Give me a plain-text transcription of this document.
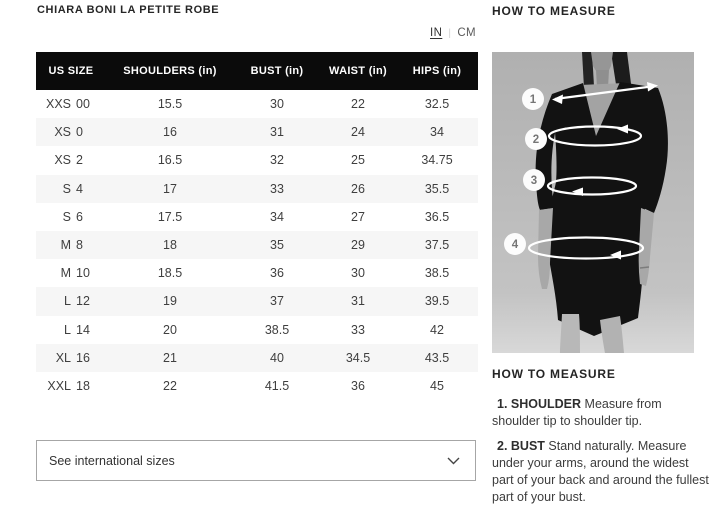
CHIARA BONI LA PETITE ROBE
IN | CM
US SIZE	SHOULDERS (in)	BUST (in)	WAIST (in)	HIPS (in)
XXS 00	15.5	30	22	32.5
XS 0	16	31	24	34
XS 2	16.5	32	25	34.75
S 4	17	33	26	35.5
S 6	17.5	34	27	36.5
M 8	18	35	29	37.5
M 10	18.5	36	30	38.5
L 12	19	37	31	39.5
L 14	20	38.5	33	42
XL 16	21	40	34.5	43.5
XXL 18	22	41.5	36	45
See international sizes
HOW TO MEASURE
1
2
3
4
HOW TO MEASURE

1. SHOULDER Measure from shoulder tip to shoulder tip.

2. BUST Stand naturally. Measure under your arms, around the widest part of your back and around the fullest part of your bust.
